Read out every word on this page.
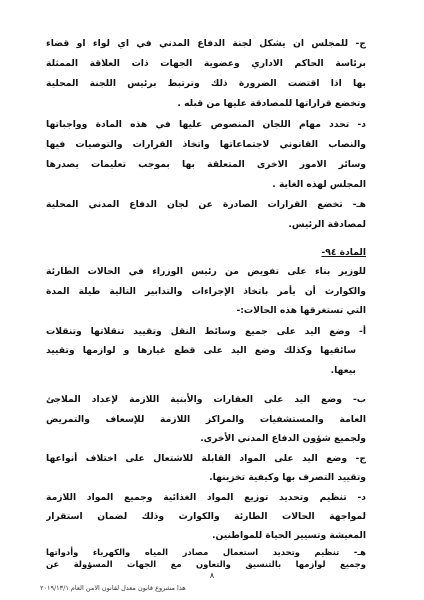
ج- للمجلس ان يشكل لجنة الدفاع المدني في اي لواء او قضاء
برئاسة الحاكم الاداري وعضوية الجهات ذات العلاقة الممثلة
بها اذا اقتضت الضرورة ذلك وترتبط برئيس اللجنة المحلية
وتخضع قراراتها للمصادقة عليها من قبله .
د- تحدد مهام اللجان المنصوص عليها في هذه المادة وواجباتها
والنصاب القانوني لاجتماعاتها واتخاذ القرارات والتوصيات فيها
وسائر الامور الاخرى المتعلقة بها بموجب تعليمات يصدرها
المجلس لهذه الغاية .
هـ- تخضع القرارات الصادرة عن لجان الدفاع المدني المحلية
لمصادقة الرئيس.
المادة ٩٤-
للوزير بناء على تفويض من رئيس الوزراء في الحالات الطارئة
والكوارث أن يأمر باتخاذ الإجراءات والتدابير التالية طيلة المدة
التي تستغرقها هذه الحالات:-
أ- وضع اليد على جميع وسائط النقل وتقييد تنقلاتها وتنقلات
سائقيها وكذلك وضع اليد على قطع غيارها و لوازمها وتقييد
بيعها.
ب- وضع اليد على العقارات والأبنية اللازمة لإعداد الملاجئ
العامة والمستشفيات والمراكز اللازمة للإسعاف والتمريض
ولجميع شؤون الدفاع المدني الأخرى.
ج- وضع اليد على المواد القابلة للاشتعال على اختلاف أنواعها
وتقييد التصرف بها وكيفية تخزينها.
د- تنظيم وتحديد توزيع المواد الغذائية وجميع المواد اللازمة
لمواجهة الحالات الطارئة والكوارث وذلك لضمان استقرار
المعيشة وتسيير الحياة للمواطنين.
هـ- تنظيم وتحديد استعمال مصادر المياه والكهرباء وأدواتها
وجميع لوازمها بالتنسيق والتعاون مع الجهات المسؤولة عن
٨
هذا مشروع قانون معدل لقانون الامن العام ٢٠١٩/١٣/١
